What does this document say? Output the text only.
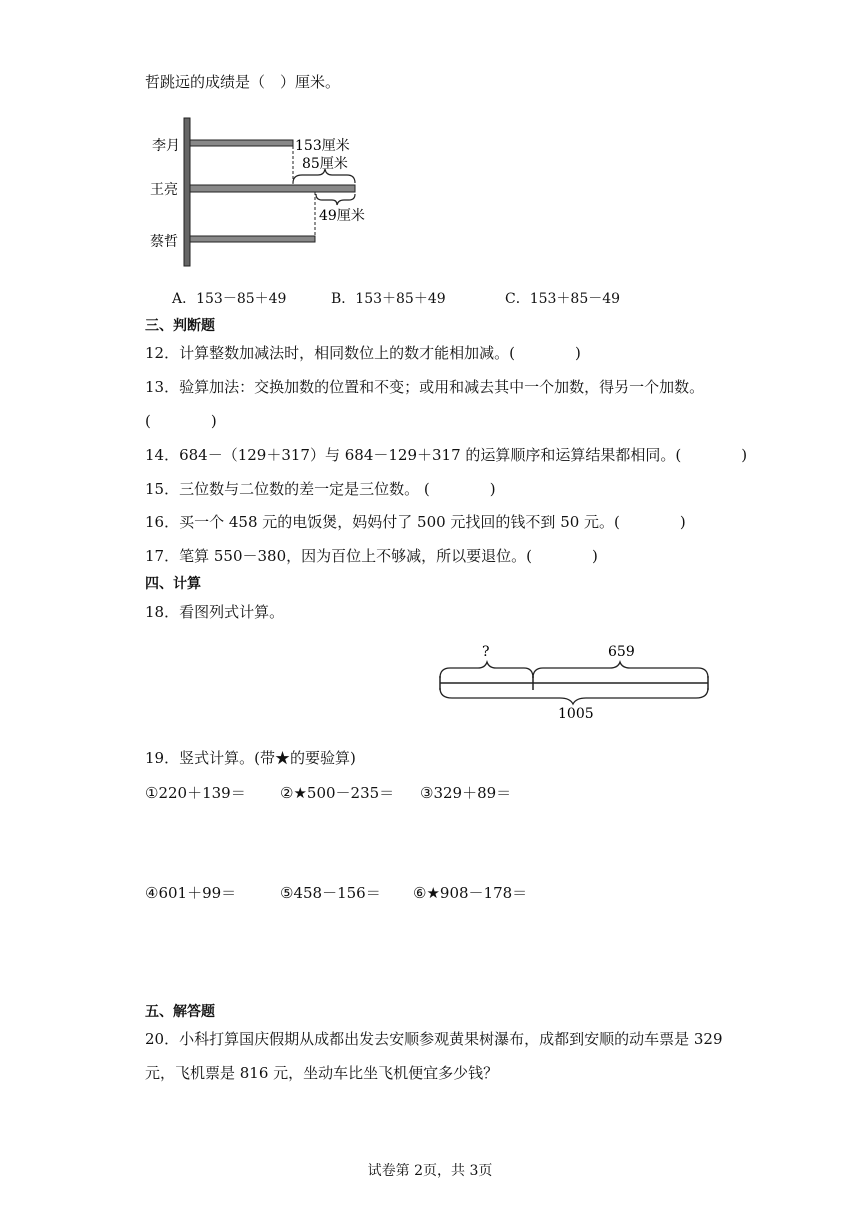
哲跳远的成绩是（　）厘米。
李月
王亮
蔡哲
153厘米
85厘米
49厘米
A．153－85＋49	B．153＋85＋49	C．153＋85－49
三、判断题
12．计算整数加减法时，相同数位上的数才能相加减。(　　　　)
13．验算加法：交换加数的位置和不变；或用和减去其中一个加数，得另一个加数。
(　　　　)
14．684－（129＋317）与 684－129＋317 的运算顺序和运算结果都相同。(　　　　)
15．三位数与二位数的差一定是三位数。 (　　　　)
16．买一个 458 元的电饭煲，妈妈付了 500 元找回的钱不到 50 元。(　　　　)
17．笔算 550－380，因为百位上不够减，所以要退位。(　　　　)
四、计算
18．看图列式计算。
?	659
1005
19．竖式计算。(带★的要验算)
①220＋139＝ ②★500－235＝ ③329＋89＝
④601＋99＝	⑤458－156＝ ⑥★908－178＝
五、解答题
20．小科打算国庆假期从成都出发去安顺参观黄果树瀑布，成都到安顺的动车票是 329
元，飞机票是 816 元，坐动车比坐飞机便宜多少钱？
试卷第 2页，共 3页
